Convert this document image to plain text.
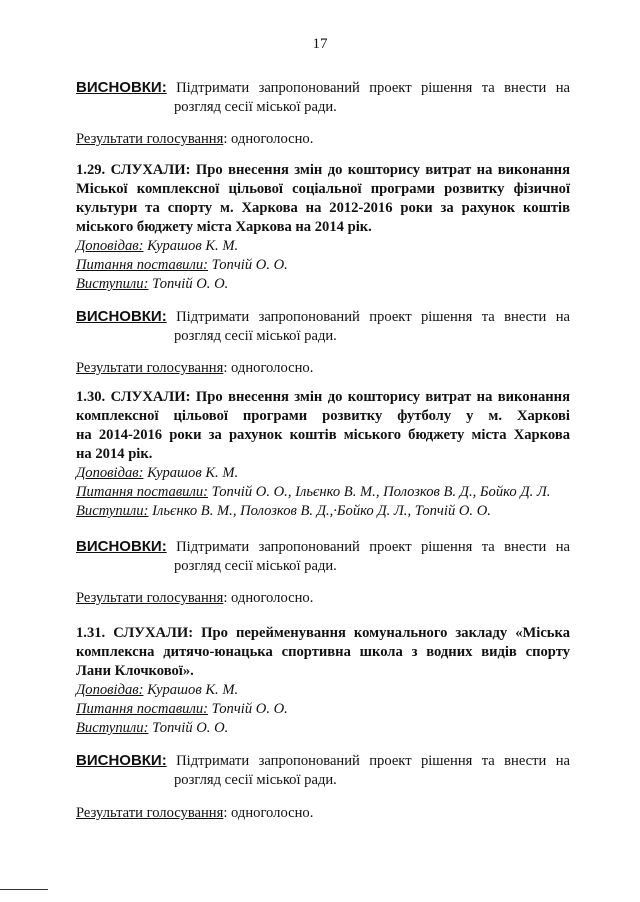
17
ВИСНОВКИ: Підтримати запропонований проект рішення та внести на
розгляд сесії міської ради.
Результати голосування: одноголосно.
1.29. СЛУХАЛИ: Про внесення змін до кошторису витрат на виконання
Міської комплексної цільової соціальної програми розвитку фізичної
культури та спорту м. Харкова на 2012-2016 роки за рахунок коштів
міського бюджету міста Харкова на 2014 рік.
Доповідав: Курашов К. М.
Питання поставили: Топчій О. О.
Виступили: Топчій О. О.
ВИСНОВКИ: Підтримати запропонований проект рішення та внести на
розгляд сесії міської ради.
Результати голосування: одноголосно.
1.30. СЛУХАЛИ: Про внесення змін до кошторису витрат на виконання
комплексної цільової програми розвитку футболу у м. Харкові
на 2014-2016 роки за рахунок коштів міського бюджету міста Харкова
на 2014 рік.
Доповідав: Курашов К. М.
Питання поставили: Топчій О. О., Ільєнко В. М., Полозков В. Д., Бойко Д. Л.
Виступили: Ільєнко В. М., Полозков В. Д.,·Бойко Д. Л., Топчій О. О.
ВИСНОВКИ: Підтримати запропонований проект рішення та внести на
розгляд сесії міської ради.
Результати голосування: одноголосно.
1.31. СЛУХАЛИ: Про перейменування комунального закладу «Міська
комплексна дитячо-юнацька спортивна школа з водних видів спорту
Лани Клочкової».
Доповідав: Курашов К. М.
Питання поставили: Топчій О. О.
Виступили: Топчій О. О.
ВИСНОВКИ: Підтримати запропонований проект рішення та внести на
розгляд сесії міської ради.
Результати голосування: одноголосно.
